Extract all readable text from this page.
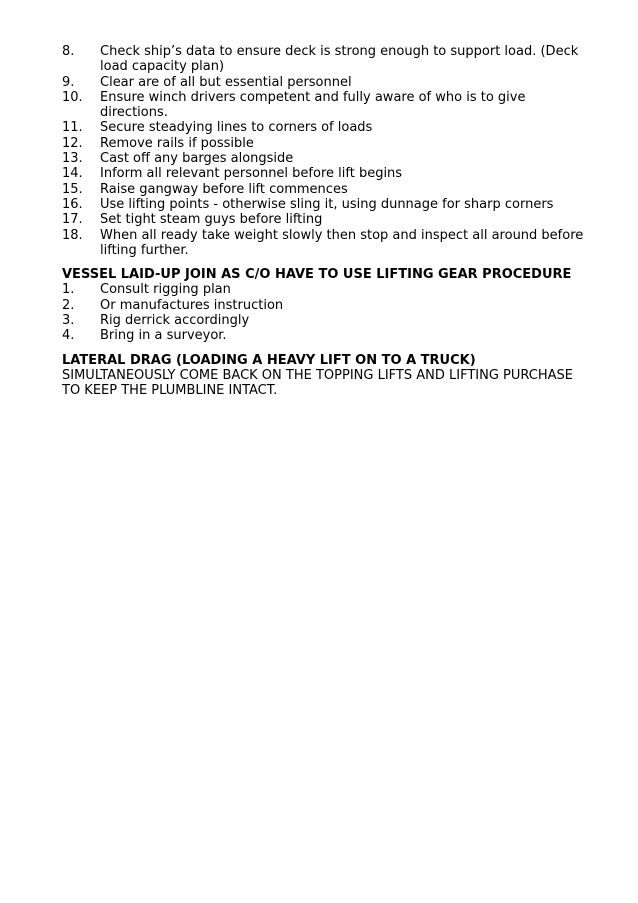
8.	Check ship’s data to ensure deck is strong enough to support load. (Deck load capacity plan)
9.	Clear are of all but essential personnel
10.	Ensure winch drivers competent and fully aware of who is to give directions.
11.	Secure steadying lines to corners of loads
12.	Remove rails if possible
13.	Cast off any barges alongside
14.	Inform all relevant personnel before lift begins
15.	Raise gangway before lift commences
16.	Use lifting points - otherwise sling it, using dunnage for sharp corners
17.	Set tight steam guys before lifting
18.	When all ready take weight slowly then stop and inspect all around before lifting further.
VESSEL LAID-UP JOIN AS C/O HAVE TO USE LIFTING GEAR PROCEDURE
1.	Consult rigging plan
2.	Or manufactures instruction
3.	Rig derrick accordingly
4.	Bring in a surveyor.
LATERAL DRAG (LOADING A HEAVY LIFT ON TO A TRUCK)

SIMULTANEOUSLY COME BACK ON THE TOPPING LIFTS AND LIFTING PURCHASE TO KEEP THE PLUMBLINE INTACT.
